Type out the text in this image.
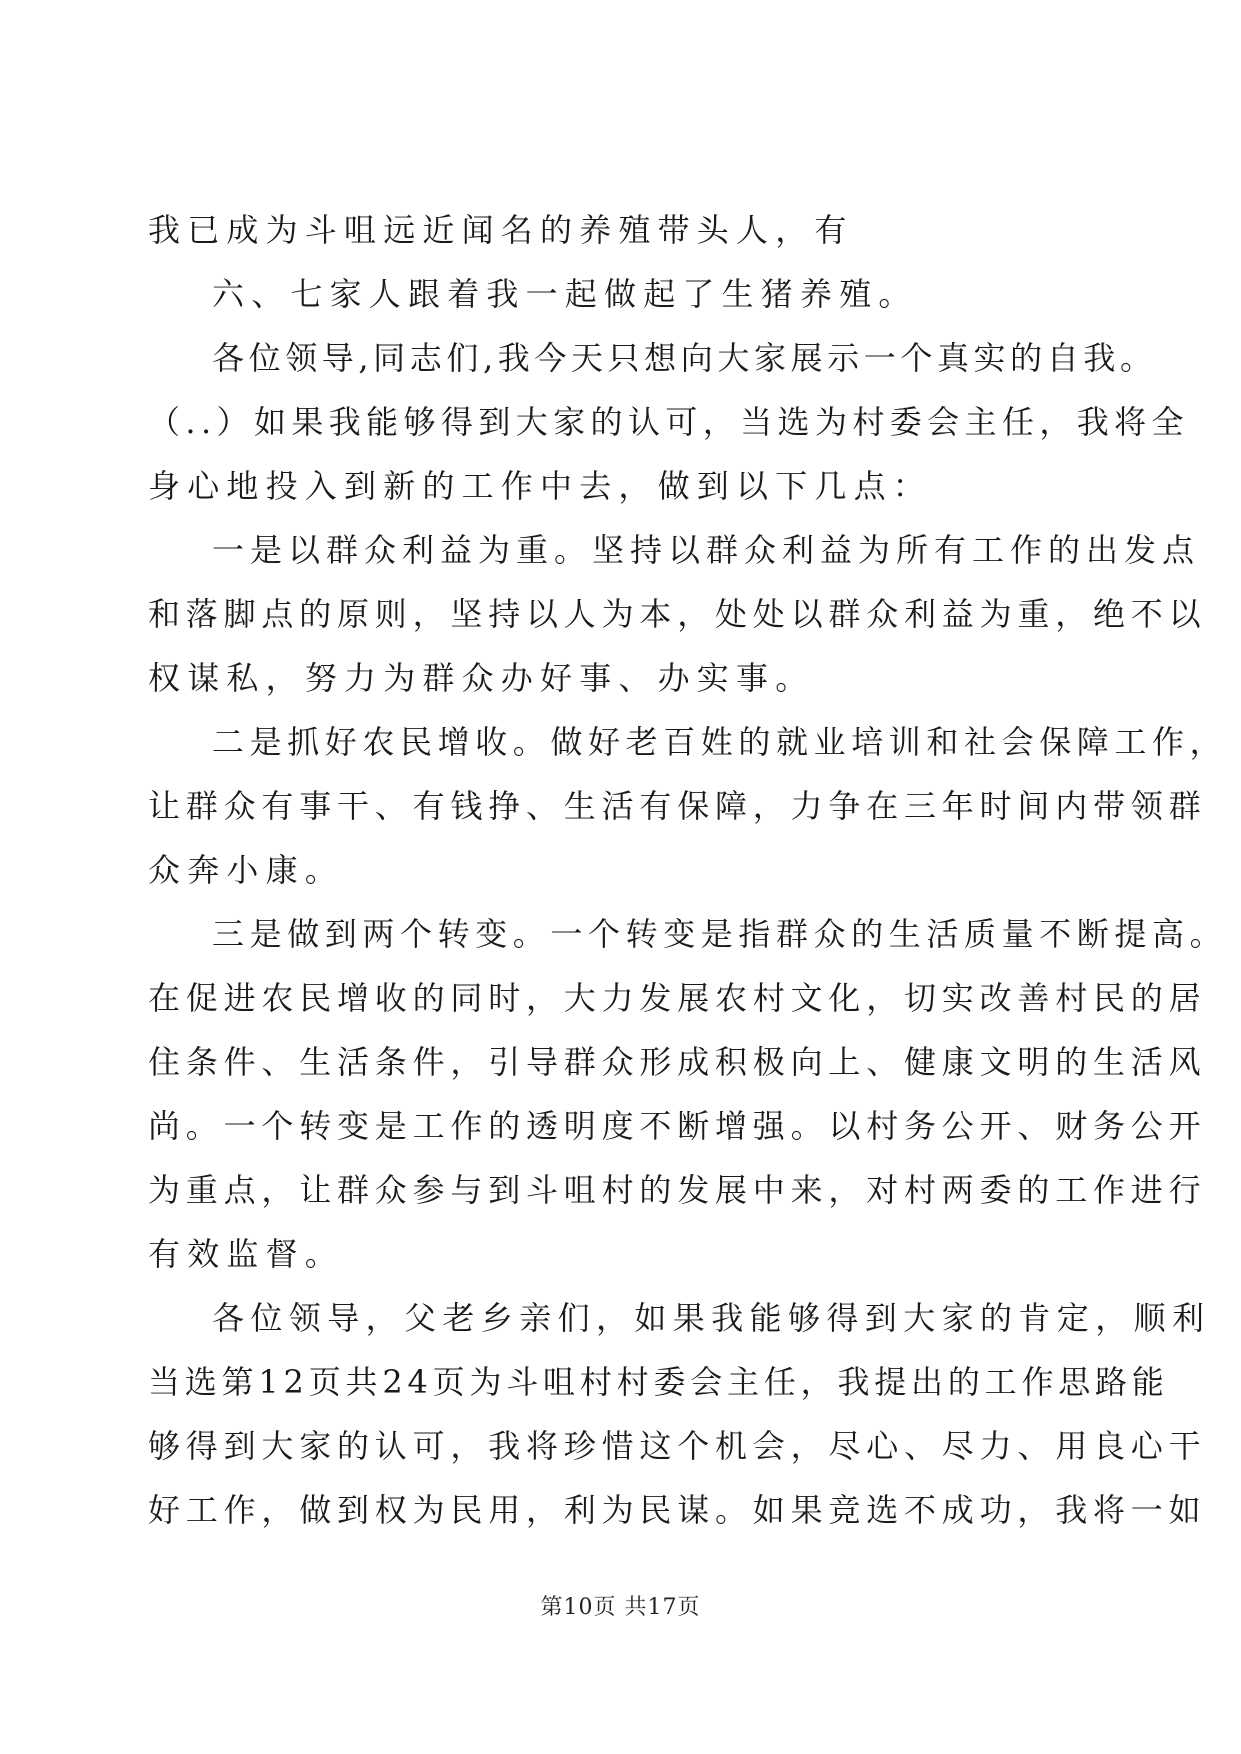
我已成为斗咀远近闻名的养殖带头人，有
六、七家人跟着我一起做起了生猪养殖。
各位领导,同志们,我今天只想向大家展示一个真实的自我。
（..）如果我能够得到大家的认可，当选为村委会主任，我将全
身心地投入到新的工作中去，做到以下几点：
一是以群众利益为重。坚持以群众利益为所有工作的出发点
和落脚点的原则，坚持以人为本，处处以群众利益为重，绝不以
权谋私，努力为群众办好事、办实事。
二是抓好农民增收。做好老百姓的就业培训和社会保障工作，
让群众有事干、有钱挣、生活有保障，力争在三年时间内带领群
众奔小康。
三是做到两个转变。一个转变是指群众的生活质量不断提高。
在促进农民增收的同时，大力发展农村文化，切实改善村民的居
住条件、生活条件，引导群众形成积极向上、健康文明的生活风
尚。一个转变是工作的透明度不断增强。以村务公开、财务公开
为重点，让群众参与到斗咀村的发展中来，对村两委的工作进行
有效监督。
各位领导，父老乡亲们，如果我能够得到大家的肯定，顺利
当选第12页共24页为斗咀村村委会主任，我提出的工作思路能
够得到大家的认可，我将珍惜这个机会，尽心、尽力、用良心干
好工作，做到权为民用，利为民谋。如果竞选不成功，我将一如
第10页 共17页
